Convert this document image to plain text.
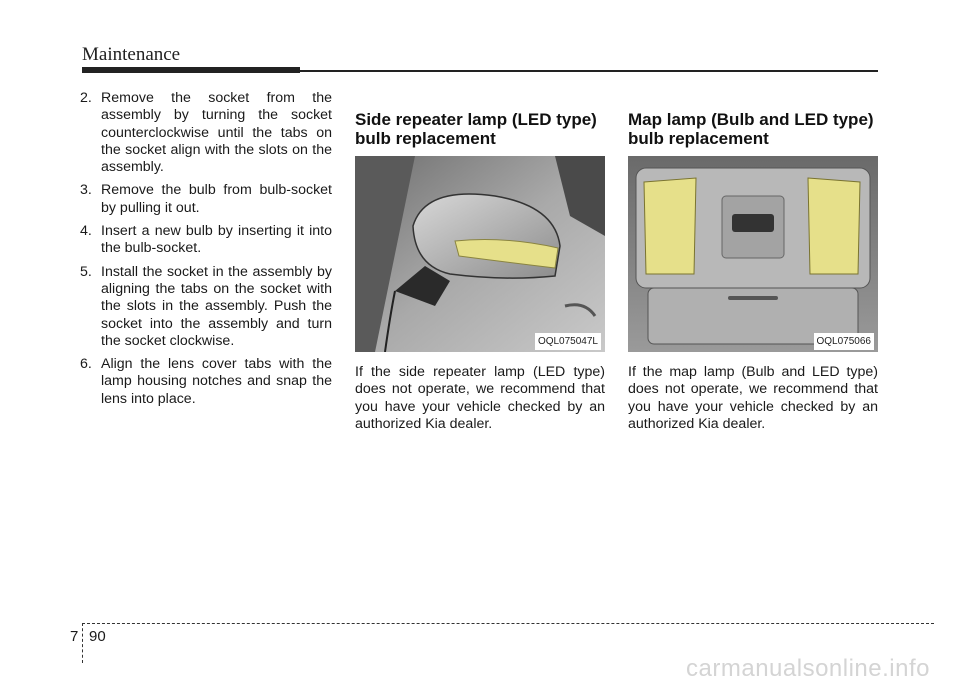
Maintenance
2. Remove the socket from the assembly by turning the socket counterclockwise until the tabs on the socket align with the slots on the assembly.
3. Remove the bulb from bulb-socket by pulling it out.
4. Insert a new bulb by inserting it into the bulb-socket.
5. Install the socket in the assembly by aligning the tabs on the socket with the slots in the assembly. Push the socket into the assembly and turn the socket clockwise.
6. Align the lens cover tabs with the lamp housing notches and snap the lens into place.
Side repeater lamp (LED type) bulb replacement
OQL075047L
If the side repeater lamp (LED type) does not operate, we recommend that you have your vehicle checked by an authorized Kia dealer.
Map lamp (Bulb and LED type) bulb replacement
OQL075066
If the map lamp (Bulb and LED type) does not operate, we recommend that you have your vehicle checked by an authorized Kia dealer.
7 90
carmanualsonline.info
